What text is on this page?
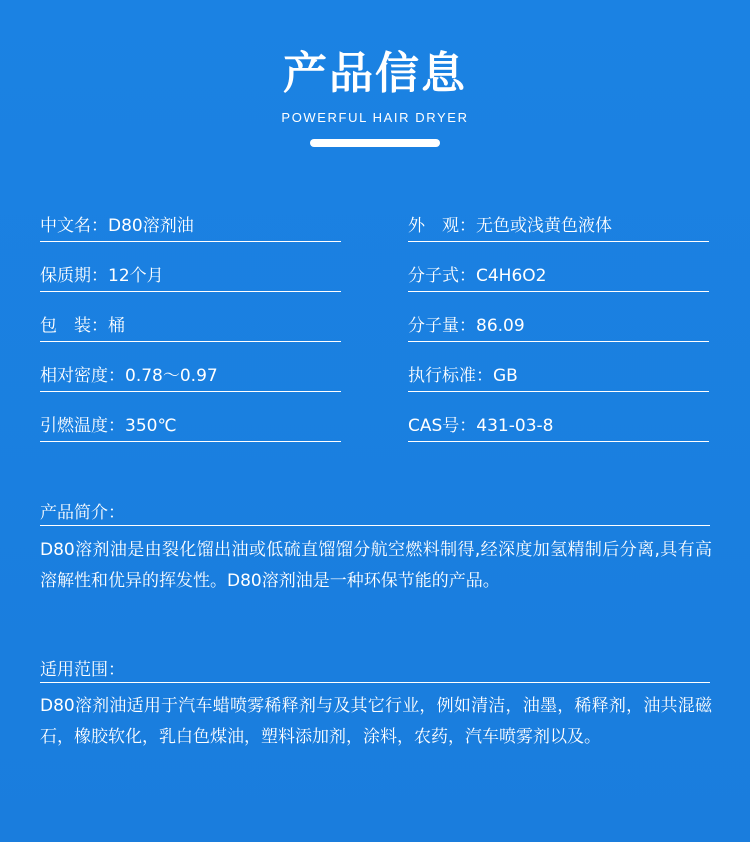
产品信息
POWERFUL HAIR DRYER
中文名：D80溶剂油
保质期：12个月
包　装：桶
相对密度：0.78～0.97
引燃温度：350℃
外　观：无色或浅黄色液体
分子式：C4H6O2
分子量：86.09
执行标准：GB
CAS号：431-03-8
产品简介：
D80溶剂油是由裂化馏出油或低硫直馏馏分航空燃料制得,经深度加氢精制后分离,具有高溶解性和优异的挥发性。D80溶剂油是一种环保节能的产品。
适用范围：
D80溶剂油适用于汽车蜡喷雾稀释剂与及其它行业，例如清洁，油墨，稀释剂，油共混磁石，橡胶软化，乳白色煤油，塑料添加剂，涂料，农药，汽车喷雾剂以及。
